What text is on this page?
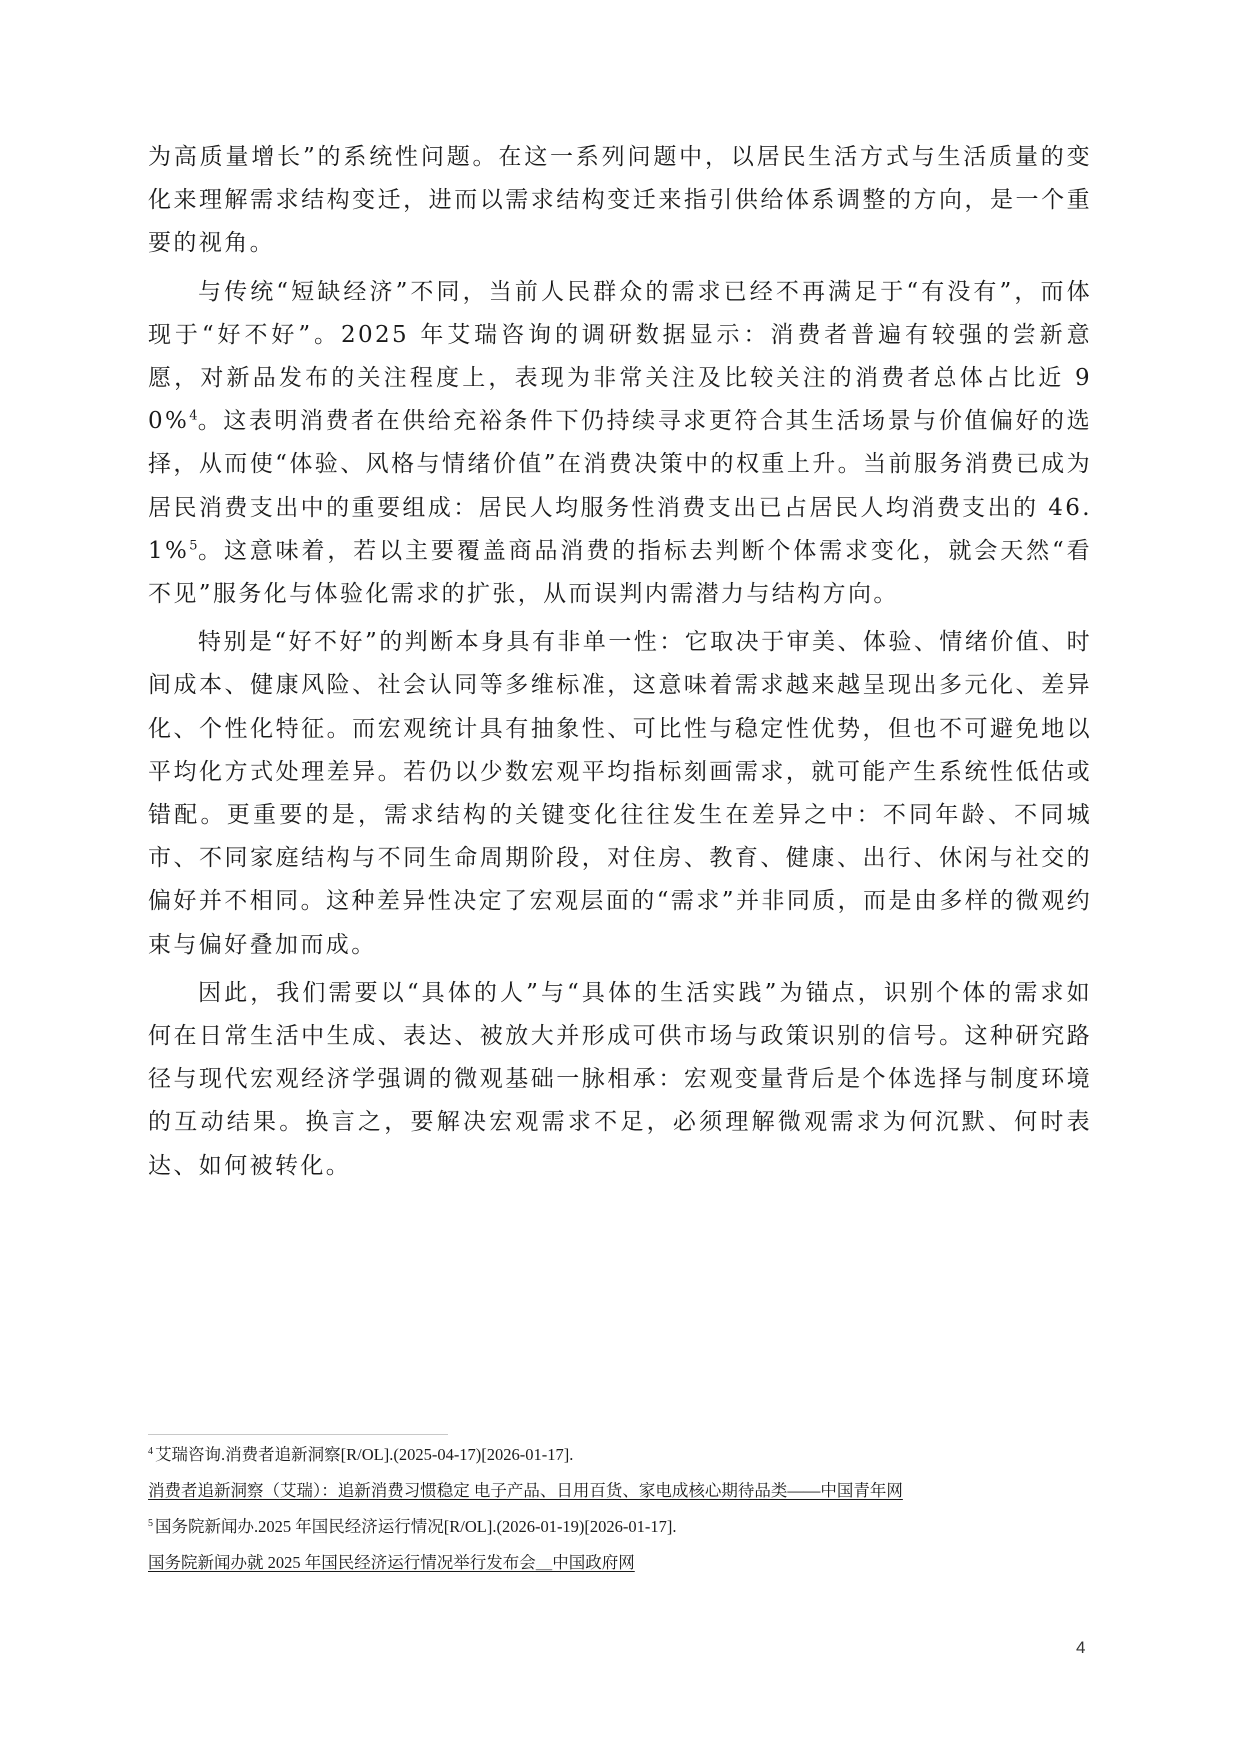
为高质量增长”的系统性问题。在这一系列问题中，以居民生活方式与生活质量的变化来理解需求结构变迁，进而以需求结构变迁来指引供给体系调整的方向，是一个重要的视角。

与传统“短缺经济”不同，当前人民群众的需求已经不再满足于“有没有”，而体现于“好不好”。2025 年艾瑞咨询的调研数据显示：消费者普遍有较强的尝新意愿，对新品发布的关注程度上，表现为非常关注及比较关注的消费者总体占比近 90%$^4$。这表明消费者在供给充裕条件下仍持续寻求更符合其生活场景与价值偏好的选择，从而使“体验、风格与情绪价值”在消费决策中的权重上升。当前服务消费已成为居民消费支出中的重要组成：居民人均服务性消费支出已占居民人均消费支出的 46.1%$^5$。这意味着，若以主要覆盖商品消费的指标去判断个体需求变化，就会天然“看不见”服务化与体验化需求的扩张，从而误判内需潜力与结构方向。

特别是“好不好”的判断本身具有非单一性：它取决于审美、体验、情绪价值、时间成本、健康风险、社会认同等多维标准，这意味着需求越来越呈现出多元化、差异化、个性化特征。而宏观统计具有抽象性、可比性与稳定性优势，但也不可避免地以平均化方式处理差异。若仍以少数宏观平均指标刻画需求，就可能产生系统性低估或错配。更重要的是，需求结构的关键变化往往发生在差异之中：不同年龄、不同城市、不同家庭结构与不同生命周期阶段，对住房、教育、健康、出行、休闲与社交的偏好并不相同。这种差异性决定了宏观层面的“需求”并非同质，而是由多样的微观约束与偏好叠加而成。

因此，我们需要以“具体的人”与“具体的生活实践”为锚点，识别个体的需求如何在日常生活中生成、表达、被放大并形成可供市场与政策识别的信号。这种研究路径与现代宏观经济学强调的微观基础一脉相承：宏观变量背后是个体选择与制度环境的互动结果。换言之，要解决宏观需求不足，必须理解微观需求为何沉默、何时表达、如何被转化。

$^4$ 艾瑞咨询.消费者追新洞察[R/OL].(2025-04-17)[2026-01-17].
消费者追新洞察（艾瑞）：追新消费习惯稳定 电子产品、日用百货、家电成核心期待品类——中国青年网
$^5$ 国务院新闻办.2025 年国民经济运行情况[R/OL].(2026-01-19)[2026-01-17].
国务院新闻办就 2025 年国民经济运行情况举行发布会＿中国政府网
4
